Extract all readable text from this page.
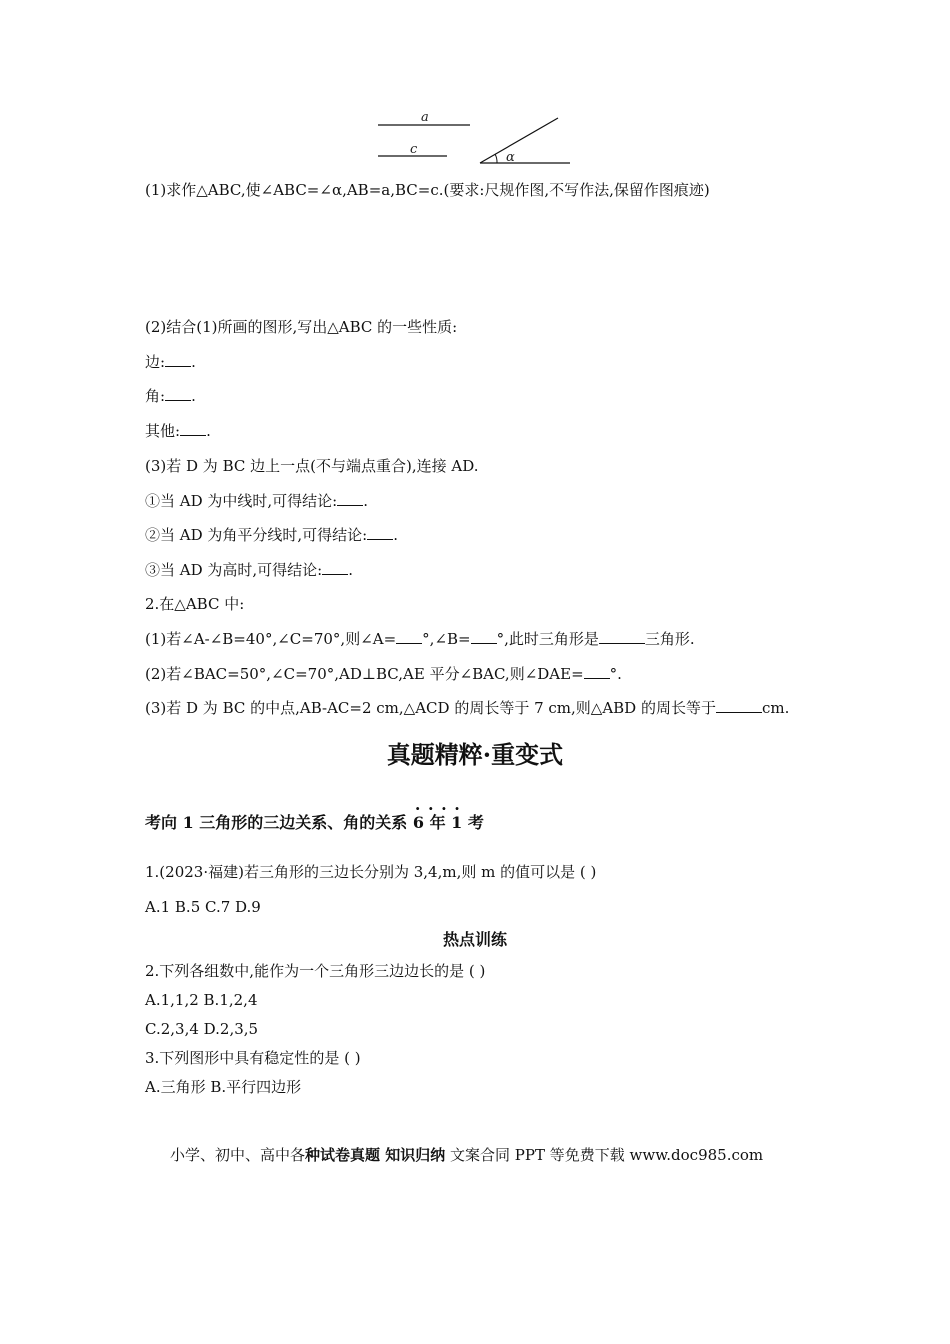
a
c
α
(1)求作△ABC,使∠ABC=∠α,AB=a,BC=c.(要求:尺规作图,不写作法,保留作图痕迹)
(2)结合(1)所画的图形,写出△ABC 的一些性质:
边: .
角: .
其他: .
(3)若 D 为 BC 边上一点(不与端点重合),连接 AD.
①当 AD 为中线时,可得结论: .
②当 AD 为角平分线时,可得结论: .
③当 AD 为高时,可得结论: .
2.在△ABC 中:
(1)若∠A-∠B=40°,∠C=70°,则∠A= °,∠B= °,此时三角形是	三角形.
(2)若∠BAC=50°,∠C=70°,AD⊥BC,AE 平分∠BAC,则∠DAE= °.
(3)若 D 为 BC 的中点,AB-AC=2 cm,△ACD 的周长等于 7 cm,则△ABD 的周长等于	cm.
真题精粹·重变式
考向 1 三角形的三边关系、角的关系 · · 6 年 1 考
1.(2023·福建)若三角形的三边长分别为 3,4,m,则 m 的值可以是 ( )
A.1 B.5 C.7 D.9
热点训练
2.下列各组数中,能作为一个三角形三边边长的是 ( )
A.1,1,2 B.1,2,4
C.2,3,4 D.2,3,5
3.下列图形中具有稳定性的是 ( )
A.三角形 B.平行四边形
小学、初中、高中各种试卷真题 知识归纳 文案合同 PPT 等免费下载 www.doc985.com
